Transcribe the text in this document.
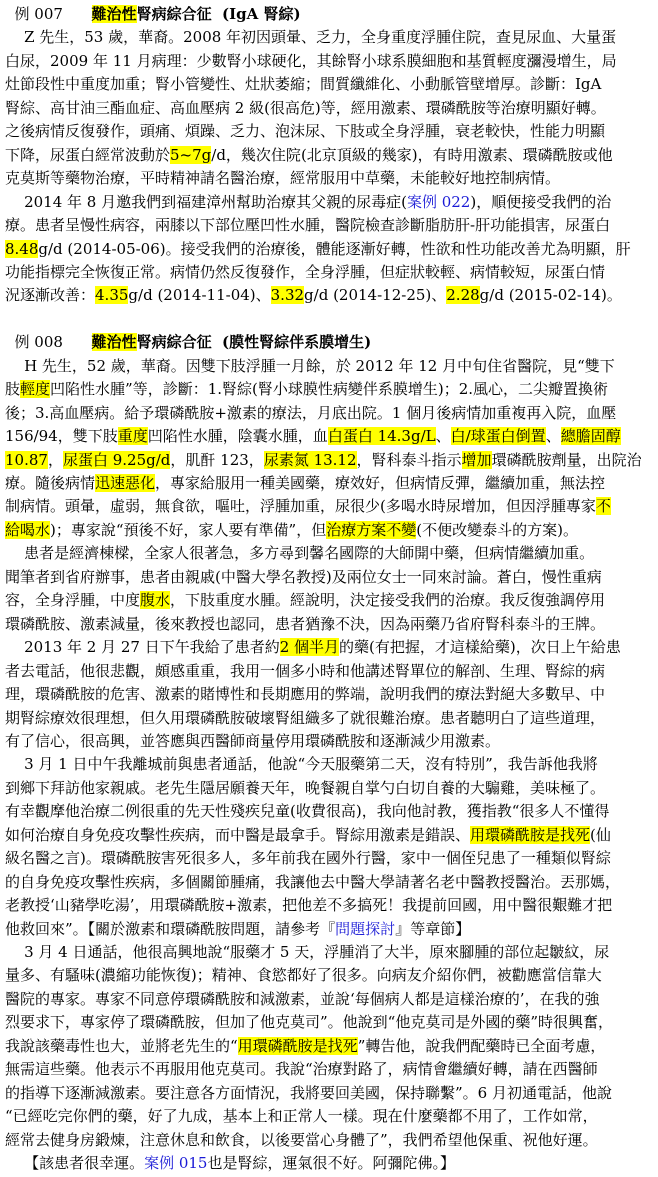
例 007      難治性腎病綜合征  (IgA 腎綜)
Z 先生，53 歲，華裔。2008 年初因頭暈、乏力，全身重度浮腫住院，查見尿血、大量蛋
白尿，2009 年 11 月病理：少數腎小球硬化，其餘腎小球系膜細胞和基質輕度瀰漫增生，局
灶節段性中重度加重；腎小管變性、灶狀萎縮；間質纖維化、小動脈管壁增厚。診斷：IgA
腎綜、高甘油三酯血症、高血壓病 2 級(很高危)等，經用激素、環磷酰胺等治療明顯好轉。
之後病情反復發作，頭痛、煩躁、乏力、泡沫尿、下肢或全身浮腫，衰老較快，性能力明顯
下降，尿蛋白經常波動於5~7g/d，幾次住院(北京頂級的幾家)，有時用激素、環磷酰胺或他
克莫斯等藥物治療，平時精神請名醫治療，經常服用中草藥，未能較好地控制病情。
2014 年 8 月邀我們到福建漳州幫助治療其父親的尿毒症(案例 022)，順便接受我們的治
療。患者呈慢性病容，兩膝以下部位壓凹性水腫，醫院檢查診斷脂肪肝-肝功能損害，尿蛋白
8.48g/d (2014-05-06)。接受我們的治療後，體能逐漸好轉，性欲和性功能改善尤為明顯，肝
功能指標完全恢復正常。病情仍然反復發作，全身浮腫，但症狀較輕、病情較短，尿蛋白情
況逐漸改善：4.35g/d (2014-11-04)、3.32g/d (2014-12-25)、2.28g/d (2015-02-14)。
例 008      難治性腎病綜合征  (膜性腎綜伴系膜增生)
H 先生，52 歲，華裔。因雙下肢浮腫一月餘，於 2012 年 12 月中旬住省醫院，見“雙下
肢輕度凹陷性水腫”等，診斷：1.腎綜(腎小球膜性病變伴系膜增生)；2.風心，二尖瓣置換術
後；3.高血壓病。給予環磷酰胺+激素的療法，月底出院。1 個月後病情加重複再入院，血壓
156/94，雙下肢重度凹陷性水腫，陰囊水腫，血白蛋白 14.3g/L、白/球蛋白倒置、總膽固醇
10.87，尿蛋白 9.25g/d，肌酐 123，尿素氮 13.12，腎科泰斗指示增加環磷酰胺劑量，出院治
療。隨後病情迅速惡化，專家給服用一種美國藥，療效好，但病情反彈，繼續加重，無法控
制病情。頭暈，虛弱，無食欲，嘔吐，浮腫加重，尿很少(多喝水時尿增加，但因浮腫專家不
給喝水)；專家說“預後不好，家人要有準備”，但治療方案不變(不便改變泰斗的方案)。
患者是經濟棟樑，全家人很著急，多方尋到馨名國際的大師開中藥，但病情繼續加重。
聞筆者到省府辦事，患者由親戚(中醫大學名教授)及兩位女士一同來討論。蒼白，慢性重病
容，全身浮腫，中度腹水，下肢重度水腫。經說明，決定接受我們的治療。我反復強調停用
環磷酰胺、激素減量，後來教授也認同，患者猶豫不決，因為兩藥乃省府腎科泰斗的王牌。
2013 年 2 月 27 日下午我給了患者約2 個半月的藥(有把握，才這樣給藥)，次日上午給患
者去電話，他很悲觀，頗感重重，我用一個多小時和他講述腎單位的解剖、生理、腎綜的病
理，環磷酰胺的危害、激素的賭博性和長期應用的弊端，說明我們的療法對絕大多數早、中
期腎綜療效很理想，但久用環磷酰胺破壞腎組織多了就很難治療。患者聽明白了這些道理，
有了信心，很高興，並答應與西醫師商量停用環磷酰胺和逐漸減少用激素。
3 月 1 日中午我離城前與患者通話，他說“今天服藥第二天，沒有特別”，我告訴他我將
到鄉下拜訪他家親戚。老先生隱居願養天年，晚餐親自掌勺白切自養的大騸雞，美味極了。
有幸觀摩他治療二例很重的先天性殘疾兒童(收費很高)，我向他討教，獲指教“很多人不懂得
如何治療自身免疫攻擊性疾病，而中醫是最拿手。腎綜用激素是錯誤、用環磷酰胺是找死(仙
級名醫之言)。環磷酰胺害死很多人，多年前我在國外行醫，家中一個侄兒患了一種類似腎綜
的自身免疫攻擊性疾病，多個關節腫痛，我讓他去中醫大學請著名老中醫教授醫治。丟那媽，
老教授‘山豬學吃湯’，用環磷酰胺+激素，把他差不多搞死！我提前回國，用中醫很艱難才把
他救回來”。【關於激素和環磷酰胺問題，請參考『問題探討』等章節】
3 月 4 日通話，他很高興地說“服藥才 5 天，浮腫消了大半，原來腳腫的部位起皺紋，尿
量多、有騷味(濃縮功能恢復)；精神、食慾都好了很多。向病友介紹你們，被勸應當信靠大
醫院的專家。專家不同意停環磷酰胺和減激素，並說‘每個病人都是這樣治療的’，在我的強
烈要求下，專家停了環磷酰胺，但加了他克莫司”。他說到“他克莫司是外國的藥”時很興奮，
我說該藥毒性也大，並將老先生的“用環磷酰胺是找死”轉告他，說我們配藥時已全面考慮，
無需這些藥。他表示不再服用他克莫司。我說“治療對路了，病情會繼續好轉，請在西醫師
的指導下逐漸減激素。要注意各方面情況，我將要回美國，保持聯繫”。6 月初通電話，他說
“已經吃完你們的藥，好了九成，基本上和正常人一樣。現在什麼藥都不用了，工作如常，
經常去健身房鍛煉，注意休息和飲食，以後要當心身體了”，我們希望他保重、祝他好運。
【該患者很幸運。案例 015也是腎綜，運氣很不好。阿彌陀佛。】
